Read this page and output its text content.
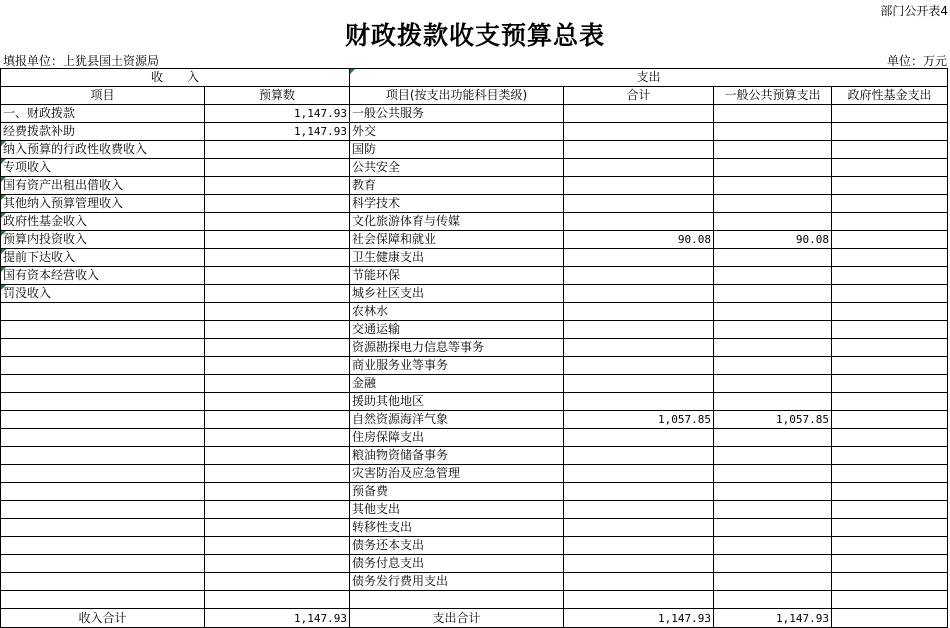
部门公开表4
财政拨款收支预算总表
填报单位：上犹县国土资源局	单位：万元
收　　入		支出			
项目	预算数	项目(按支出功能科目类级)	合计	一般公共预算支出	政府性基金支出
一、财政拨款	1,147.93	一般公共服务			
经费拨款补助	1,147.93	外交			
纳入预算的行政性收费收入		国防			
专项收入		公共安全			
国有资产出租出借收入		教育			
其他纳入预算管理收入		科学技术			
政府性基金收入		文化旅游体育与传媒			
预算内投资收入		社会保障和就业	90.08	90.08	
提前下达收入		卫生健康支出			
国有资本经营收入		节能环保			
罚没收入		城乡社区支出			
		农林水			
		交通运输			
		资源勘探电力信息等事务			
		商业服务业等事务			
		金融			
		援助其他地区			
		自然资源海洋气象	1,057.85	1,057.85	
		住房保障支出			
		粮油物资储备事务			
		灾害防治及应急管理			
		预备费			
		其他支出			
		转移性支出			
		债务还本支出			
		债务付息支出			
		债务发行费用支出			

收入合计	1,147.93	支出合计	1,147.93	1,147.93	
